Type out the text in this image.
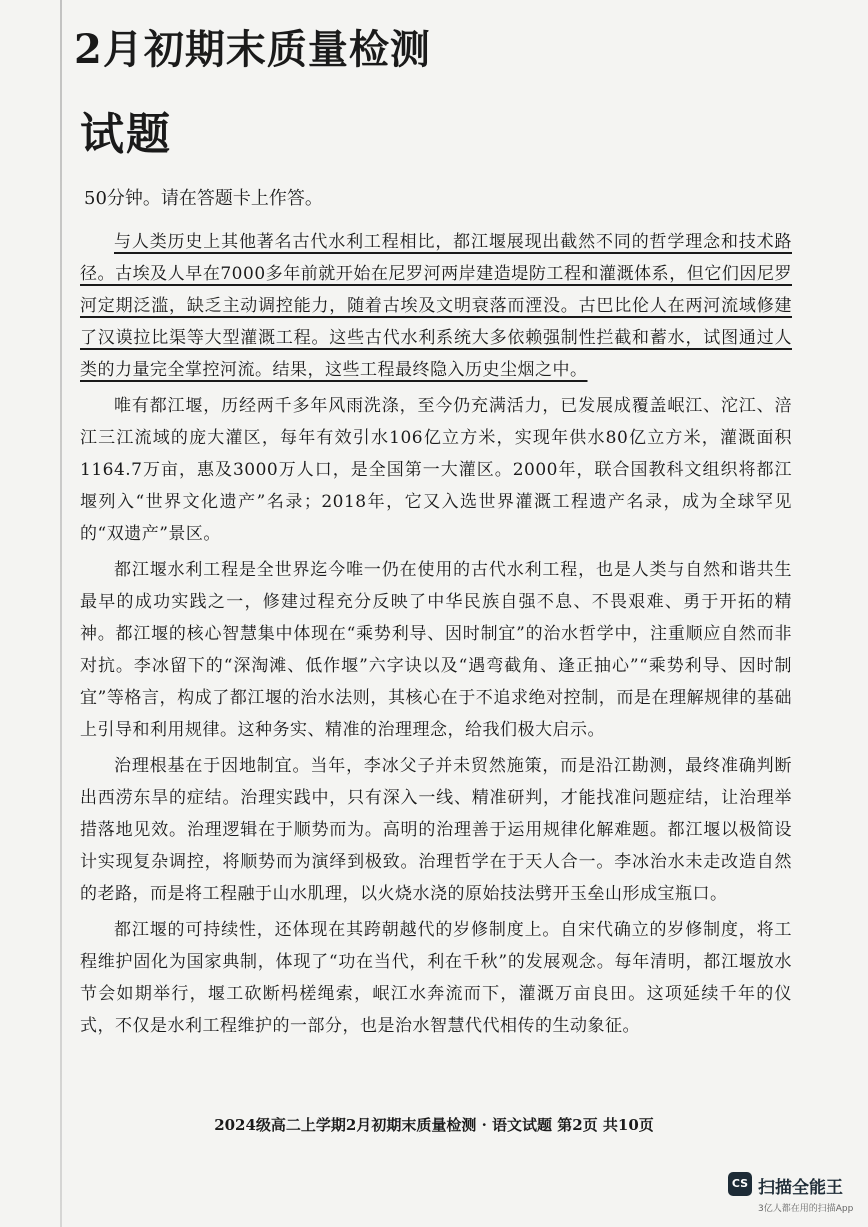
2月初期末质量检测
试题
50分钟。请在答题卡上作答。

与人类历史上其他著名古代水利工程相比，都江堰展现出截然不同的哲学理念和技术路径。古埃及人早在7000多年前就开始在尼罗河两岸建造堤防工程和灌溉体系，但它们因尼罗河定期泛滥，缺乏主动调控能力，随着古埃及文明衰落而湮没。古巴比伦人在两河流域修建了汉谟拉比渠等大型灌溉工程。这些古代水利系统大多依赖强制性拦截和蓄水，试图通过人类的力量完全掌控河流。结果，这些工程最终隐入历史尘烟之中。

唯有都江堰，历经两千多年风雨洗涤，至今仍充满活力，已发展成覆盖岷江、沱江、涪江三江流域的庞大灌区，每年有效引水106亿立方米，实现年供水80亿立方米，灌溉面积1164.7万亩，惠及3000万人口，是全国第一大灌区。2000年，联合国教科文组织将都江堰列入“世界文化遗产”名录；2018年，它又入选世界灌溉工程遗产名录，成为全球罕见的“双遗产”景区。

都江堰水利工程是全世界迄今唯一仍在使用的古代水利工程，也是人类与自然和谐共生最早的成功实践之一，修建过程充分反映了中华民族自强不息、不畏艰难、勇于开拓的精神。都江堰的核心智慧集中体现在“乘势利导、因时制宜”的治水哲学中，注重顺应自然而非对抗。李冰留下的“深淘滩、低作堰”六字诀以及“遇弯截角、逢正抽心”“乘势利导、因时制宜”等格言，构成了都江堰的治水法则，其核心在于不追求绝对控制，而是在理解规律的基础上引导和利用规律。这种务实、精准的治理理念，给我们极大启示。

治理根基在于因地制宜。当年，李冰父子并未贸然施策，而是沿江勘测，最终准确判断出西涝东旱的症结。治理实践中，只有深入一线、精准研判，才能找准问题症结，让治理举措落地见效。治理逻辑在于顺势而为。高明的治理善于运用规律化解难题。都江堰以极简设计实现复杂调控，将顺势而为演绎到极致。治理哲学在于天人合一。李冰治水未走改造自然的老路，而是将工程融于山水肌理，以火烧水浇的原始技法劈开玉垒山形成宝瓶口。

都江堰的可持续性，还体现在其跨朝越代的岁修制度上。自宋代确立的岁修制度，将工程维护固化为国家典制，体现了“功在当代，利在千秋”的发展观念。每年清明，都江堰放水节会如期举行，堰工砍断杩槎绳索，岷江水奔流而下，灌溉万亩良田。这项延续千年的仪式，不仅是水利工程维护的一部分，也是治水智慧代代相传的生动象征。

2024级高二上学期2月初期末质量检测 · 语文试题 第2页 共10页
CS 扫描全能王
3亿人都在用的扫描App
